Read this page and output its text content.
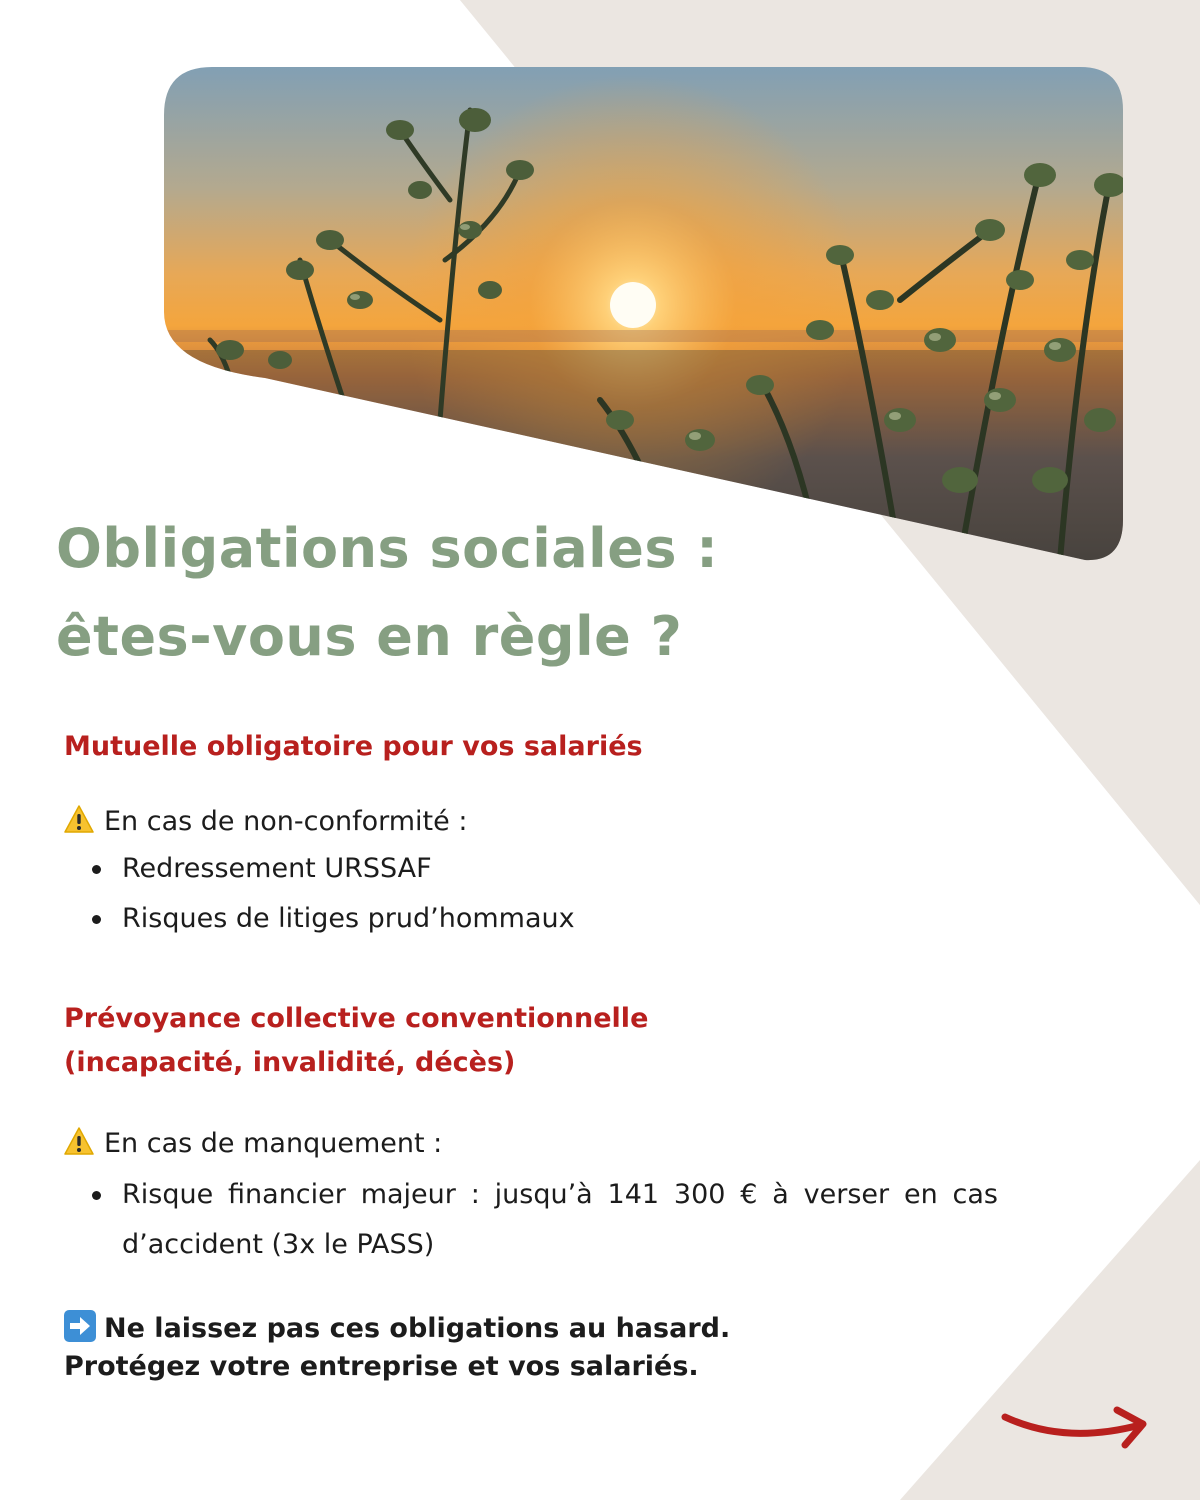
Obligations sociales :
êtes-vous en règle ?
Mutuelle obligatoire pour vos salariés
En cas de non-conformité :
Redressement URSSAF
Risques de litiges prud’hommaux
Prévoyance collective conventionnelle
(incapacité, invalidité, décès)
En cas de manquement :
Risque financier majeur : jusqu’à 141 300 € à verser en cas d’accident (3x le PASS)
Ne laissez pas ces obligations au hasard.
Protégez votre entreprise et vos salariés.
